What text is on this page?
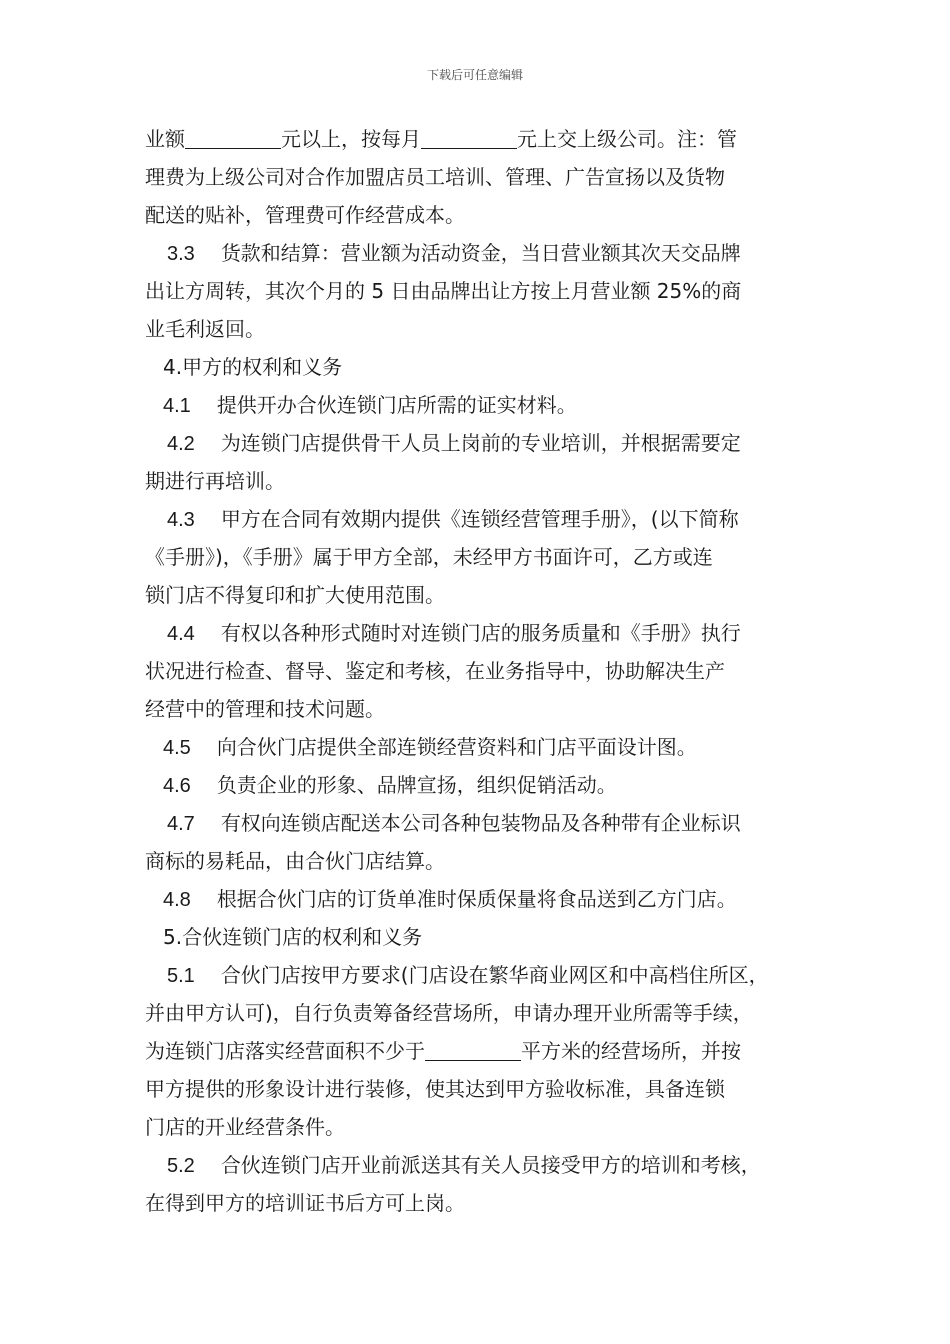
下载后可任意编辑
业额	元以上，按每月	元上交上级公司。注：管
理费为上级公司对合作加盟店员工培训、管理、广告宣扬以及货物
配送的贴补，管理费可作经营成本。
3.3 货款和结算：营业额为活动资金，当日营业额其次天交品牌
出让方周转，其次个月的 5 日由品牌出让方按上月营业额 25%的商
业毛利返回。
4.甲方的权利和义务
4.1 提供开办合伙连锁门店所需的证实材料。
4.2 为连锁门店提供骨干人员上岗前的专业培训，并根据需要定
期进行再培训。
4.3 甲方在合同有效期内提供《连锁经营管理手册》，(以下简称
《手册》)，《手册》属于甲方全部，未经甲方书面许可，乙方或连
锁门店不得复印和扩大使用范围。
4.4 有权以各种形式随时对连锁门店的服务质量和《手册》执行
状况进行检查、督导、鉴定和考核，在业务指导中，协助解决生产
经营中的管理和技术问题。
4.5 向合伙门店提供全部连锁经营资料和门店平面设计图。
4.6 负责企业的形象、品牌宣扬，组织促销活动。
4.7 有权向连锁店配送本公司各种包装物品及各种带有企业标识
商标的易耗品，由合伙门店结算。
4.8 根据合伙门店的订货单准时保质保量将食品送到乙方门店。
5.合伙连锁门店的权利和义务
5.1 合伙门店按甲方要求(门店设在繁华商业网区和中高档住所区，
并由甲方认可)，自行负责筹备经营场所，申请办理开业所需等手续，
为连锁门店落实经营面积不少于	平方米的经营场所，并按
甲方提供的形象设计进行装修，使其达到甲方验收标准，具备连锁
门店的开业经营条件。
5.2 合伙连锁门店开业前派送其有关人员接受甲方的培训和考核，
在得到甲方的培训证书后方可上岗。
